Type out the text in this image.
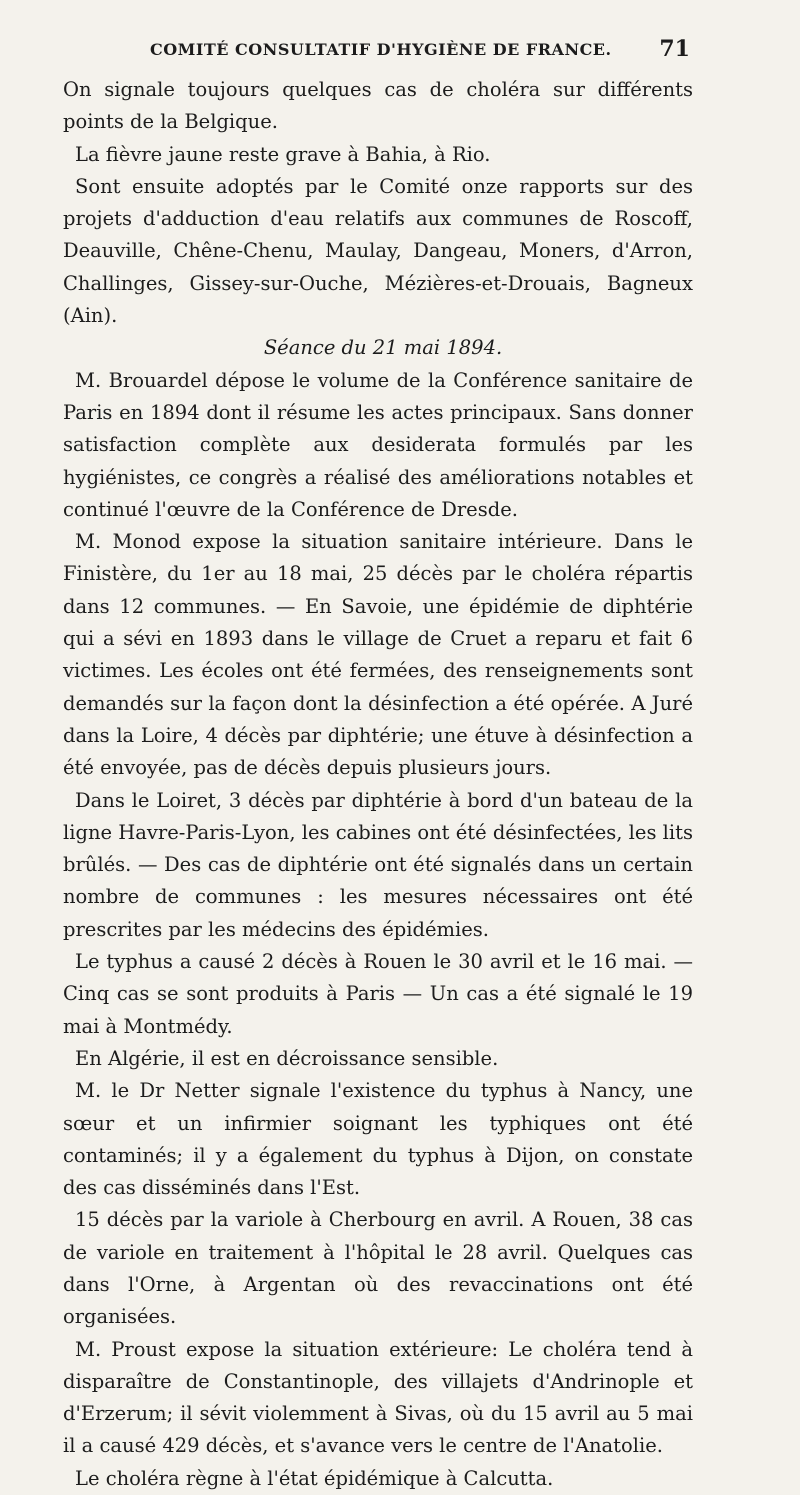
COMITÉ CONSULTATIF D'HYGIÈNE DE FRANCE. 71

On signale toujours quelques cas de choléra sur différents points de la Belgique.

La fièvre jaune reste grave à Bahia, à Rio.

Sont ensuite adoptés par le Comité onze rapports sur des projets d'adduction d'eau relatifs aux communes de Roscoff, Deauville, Chêne-Chenu, Maulay, Dangeau, Moners, d'Arron, Challinges, Gissey-sur-Ouche, Mézières-et-Drouais, Bagneux (Ain).

Séance du 21 mai 1894.

M. Brouardel dépose le volume de la Conférence sanitaire de Paris en 1894 dont il résume les actes principaux. Sans donner satisfaction complète aux desiderata formulés par les hygiénistes, ce congrès a réalisé des améliorations notables et continué l'œuvre de la Conférence de Dresde.

M. Monod expose la situation sanitaire intérieure. Dans le Finistère, du 1er au 18 mai, 25 décès par le choléra répartis dans 12 communes. — En Savoie, une épidémie de diphtérie qui a sévi en 1893 dans le village de Cruet a reparu et fait 6 victimes. Les écoles ont été fermées, des renseignements sont demandés sur la façon dont la désinfection a été opérée. A Juré dans la Loire, 4 décès par diphtérie; une étuve à désinfection a été envoyée, pas de décès depuis plusieurs jours.

Dans le Loiret, 3 décès par diphtérie à bord d'un bateau de la ligne Havre-Paris-Lyon, les cabines ont été désinfectées, les lits brûlés. — Des cas de diphtérie ont été signalés dans un certain nombre de communes : les mesures nécessaires ont été prescrites par les médecins des épidémies.

Le typhus a causé 2 décès à Rouen le 30 avril et le 16 mai. — Cinq cas se sont produits à Paris — Un cas a été signalé le 19 mai à Montmédy.

En Algérie, il est en décroissance sensible.

M. le Dr Netter signale l'existence du typhus à Nancy, une sœur et un infirmier soignant les typhiques ont été contaminés; il y a également du typhus à Dijon, on constate des cas disséminés dans l'Est.

15 décès par la variole à Cherbourg en avril. A Rouen, 38 cas de variole en traitement à l'hôpital le 28 avril. Quelques cas dans l'Orne, à Argentan où des revaccinations ont été organisées.

M. Proust expose la situation extérieure: Le choléra tend à disparaître de Constantinople, des villajets d'Andrinople et d'Erzerum; il sévit violemment à Sivas, où du 15 avril au 5 mai il a causé 429 décès, et s'avance vers le centre de l'Anatolie.

Le choléra règne à l'état épidémique à Calcutta.
